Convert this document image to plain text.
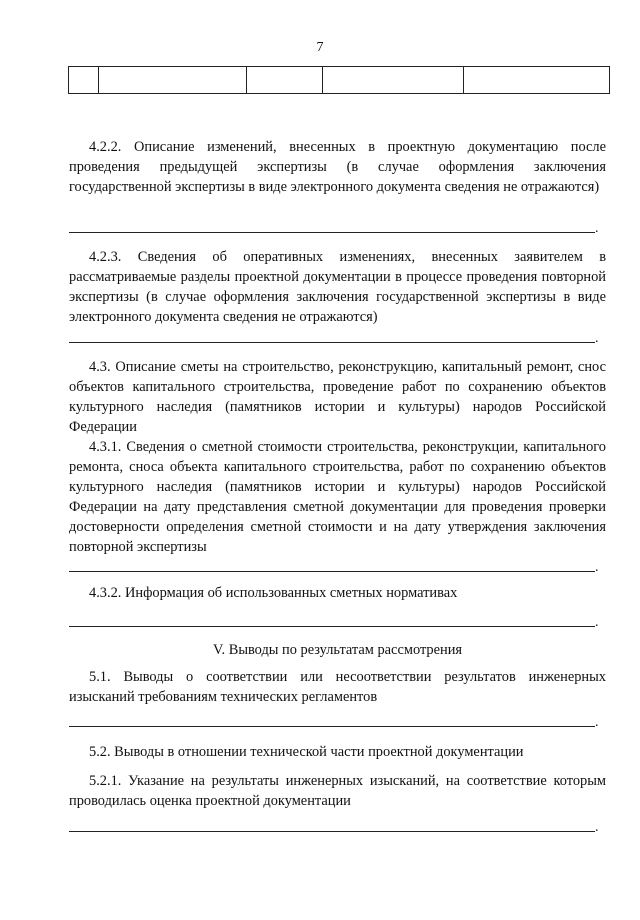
7

4.2.2. Описание изменений, внесенных в проектную документацию после проведения предыдущей экспертизы (в случае оформления заключения государственной экспертизы в виде электронного документа сведения не отражаются)

.

4.2.3. Сведения об оперативных изменениях, внесенных заявителем в рассматриваемые разделы проектной документации в процессе проведения повторной экспертизы (в случае оформления заключения государственной экспертизы в виде электронного документа сведения не отражаются)

.

4.3. Описание сметы на строительство, реконструкцию, капитальный ремонт, снос объектов капитального строительства, проведение работ по сохранению объектов культурного наследия (памятников истории и культуры) народов Российской Федерации

4.3.1. Сведения о сметной стоимости строительства, реконструкции, капитального ремонта, сноса объекта капитального строительства, работ по сохранению объектов культурного наследия (памятников истории и культуры) народов Российской Федерации на дату представления сметной документации для проведения проверки достоверности определения сметной стоимости и на дату утверждения заключения повторной экспертизы

.

4.3.2. Информация об использованных сметных нормативах

.

V. Выводы по результатам рассмотрения

5.1. Выводы о соответствии или несоответствии результатов инженерных изысканий требованиям технических регламентов

.

5.2. Выводы в отношении технической части проектной документации

5.2.1. Указание на результаты инженерных изысканий, на соответствие которым проводилась оценка проектной документации

.
